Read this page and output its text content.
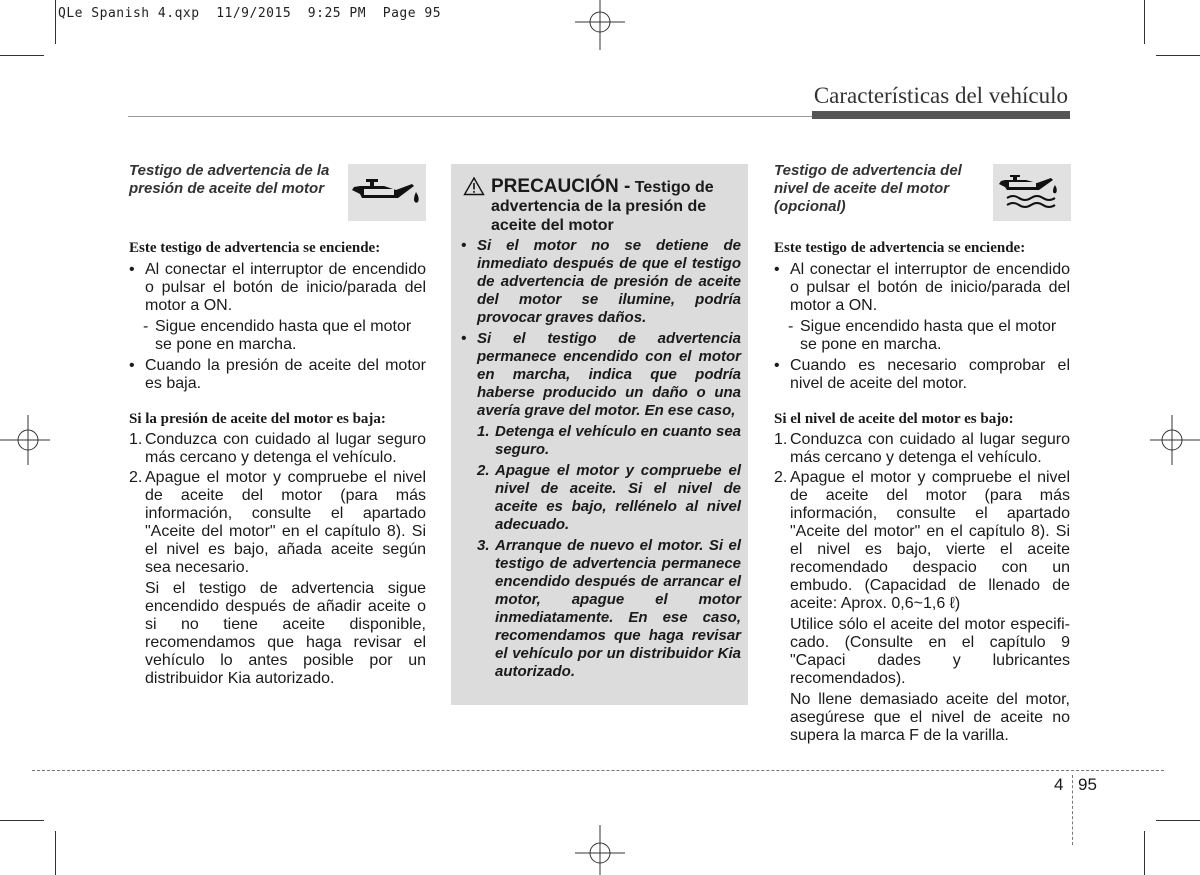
QLe Spanish 4.qxp  11/9/2015  9:25 PM  Page 95
Características del vehículo
Testigo de advertencia de la presión de aceite del motor

Este testigo de advertencia se enciende:

• Al conectar el interruptor de encendido o pulsar el botón de inicio/parada del motor a ON.

- Sigue encendido hasta que el motor se pone en marcha.

• Cuando la presión de aceite del motor es baja.

Si la presión de aceite del motor es baja:

1. Conduzca con cuidado al lugar seguro más cercano y detenga el vehículo.

2. Apague el motor y compruebe el nivel de aceite del motor (para más información, consulte el apartado "Aceite del motor" en el capítulo 8). Si el nivel es bajo, añada aceite según sea necesario.

Si el testigo de advertencia sigue encendido después de añadir aceite o si no tiene aceite disponible, recomendamos que haga revisar el vehículo lo antes posible por un distribuidor Kia autorizado.

PRECAUCIÓN - Testigo de advertencia de la presión de aceite del motor

• Si el motor no se detiene de inmediato después de que el testigo de advertencia de presión de aceite del motor se ilumine, podría provocar graves daños.

• Si el testigo de advertencia permanece encendido con el motor en marcha, indica que podría haberse producido un daño o una avería grave del motor. En ese caso,

1. Detenga el vehículo en cuanto sea seguro.

2. Apague el motor y compruebe el nivel de aceite. Si el nivel de aceite es bajo, rellénelo al nivel adecuado.

3. Arranque de nuevo el motor. Si el testigo de advertencia permanece encendido después de arrancar el motor, apague el motor inmediatamente. En ese caso, recomendamos que haga revisar el vehículo por un distribuidor Kia autorizado.

Testigo de advertencia del nivel de aceite del motor (opcional)

Este testigo de advertencia se enciende:

• Al conectar el interruptor de encendido o pulsar el botón de inicio/parada del motor a ON.

- Sigue encendido hasta que el motor se pone en marcha.

• Cuando es necesario comprobar el nivel de aceite del motor.

Si el nivel de aceite del motor es bajo:

1. Conduzca con cuidado al lugar seguro más cercano y detenga el vehículo.

2. Apague el motor y compruebe el nivel de aceite del motor (para más información, consulte el apartado "Aceite del motor" en el capítulo 8). Si el nivel es bajo, vierte el aceite recomendado despacio con un embudo. (Capacidad de llenado de aceite: Aprox. 0,6~1,6 ℓ)

Utilice sólo el aceite del motor especifi- cado. (Consulte en el capítulo 9 "Capaci dades y lubricantes recomendados).

No llene demasiado aceite del motor, asegúrese que el nivel de aceite no supera la marca F de la varilla.

4 95
